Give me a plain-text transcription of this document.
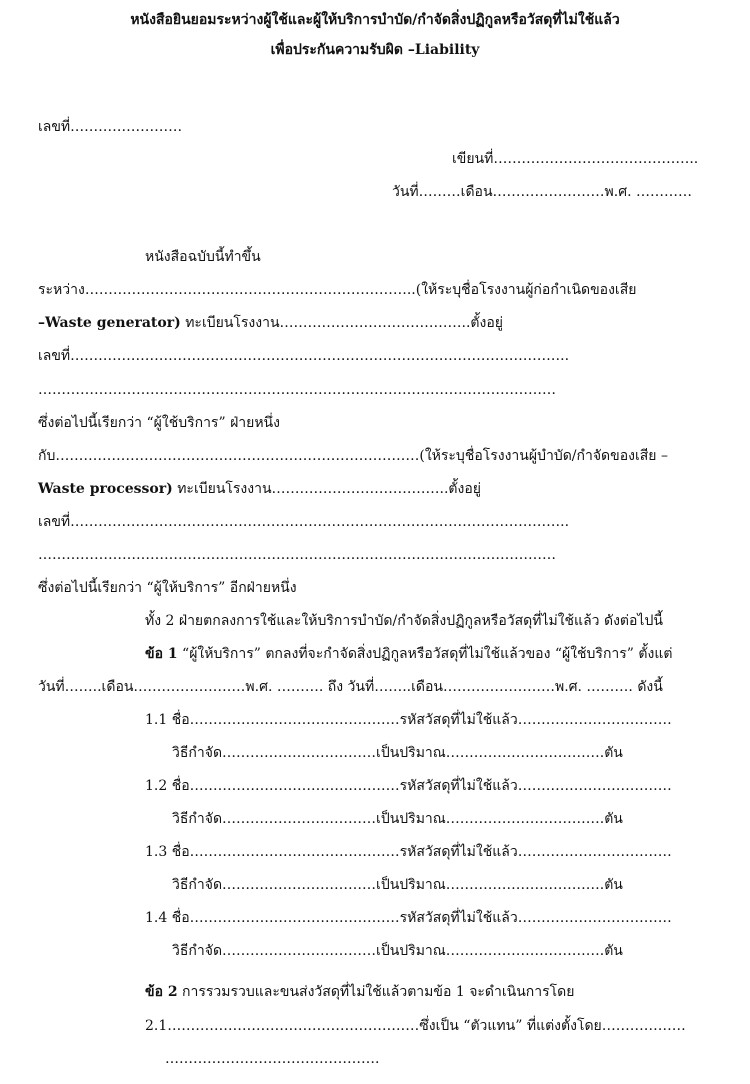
หนังสือยินยอมระหว่างผู้ใช้และผู้ให้บริการบำบัด/กำจัดสิ่งปฏิกูลหรือวัสดุที่ไม่ใช้แล้ว
เพื่อประกันความรับผิด –Liability
เลขที่……………………
เขียนที่……………………………………..
วันที่………เดือน……………………พ.ศ. …………
หนังสือฉบับนี้ทำขึ้น
ระหว่าง……………………………………………………………..(ให้ระบุชื่อโรงงานผู้ก่อกำเนิดของเสีย
–Waste generator) ทะเบียนโรงงาน…………………………………..ตั้งอยู่
เลขที่……………………………………………………………………………………………..
…………………………………………………………………………………………………
ซึ่งต่อไปนี้เรียกว่า “ผู้ใช้บริการ” ฝ่ายหนึ่ง
กับ……………………………………………………………………(ให้ระบุชื่อโรงงานผู้บำบัด/กำจัดของเสีย –
Waste processor) ทะเบียนโรงงาน………………………………..ตั้งอยู่
เลขที่……………………………………………………………………………………………..
…………………………………………………………………………………………………
ซึ่งต่อไปนี้เรียกว่า “ผู้ให้บริการ” อีกฝ่ายหนึ่ง
ทั้ง 2 ฝ่ายตกลงการใช้และให้บริการบำบัด/กำจัดสิ่งปฏิกูลหรือวัสดุที่ไม่ใช้แล้ว ดังต่อไปนี้
ข้อ 1 “ผู้ให้บริการ” ตกลงที่จะกำจัดสิ่งปฏิกูลหรือวัสดุที่ไม่ใช้แล้วของ “ผู้ใช้บริการ” ตั้งแต่
วันที่……..เดือน……………………พ.ศ. ………. ถึง วันที่……..เดือน……………………พ.ศ. ………. ดังนี้
1.1 ชื่อ………………………………………รหัสวัสดุที่ไม่ใช้แล้ว……………………………
วิธีกำจัด……………………………เป็นปริมาณ…………………………….ตัน
1.2 ชื่อ………………………………………รหัสวัสดุที่ไม่ใช้แล้ว……………………………
วิธีกำจัด……………………………เป็นปริมาณ…………………………….ตัน
1.3 ชื่อ………………………………………รหัสวัสดุที่ไม่ใช้แล้ว……………………………
วิธีกำจัด……………………………เป็นปริมาณ…………………………….ตัน
1.4 ชื่อ………………………………………รหัสวัสดุที่ไม่ใช้แล้ว……………………………
วิธีกำจัด……………………………เป็นปริมาณ…………………………….ตัน
ข้อ 2 การรวมรวบและขนส่งวัสดุที่ไม่ใช้แล้วตามข้อ 1 จะดำเนินการโดย
2.1………………………………………………ซึ่งเป็น “ตัวแทน” ที่แต่งตั้งโดย………………
……………………………………….
